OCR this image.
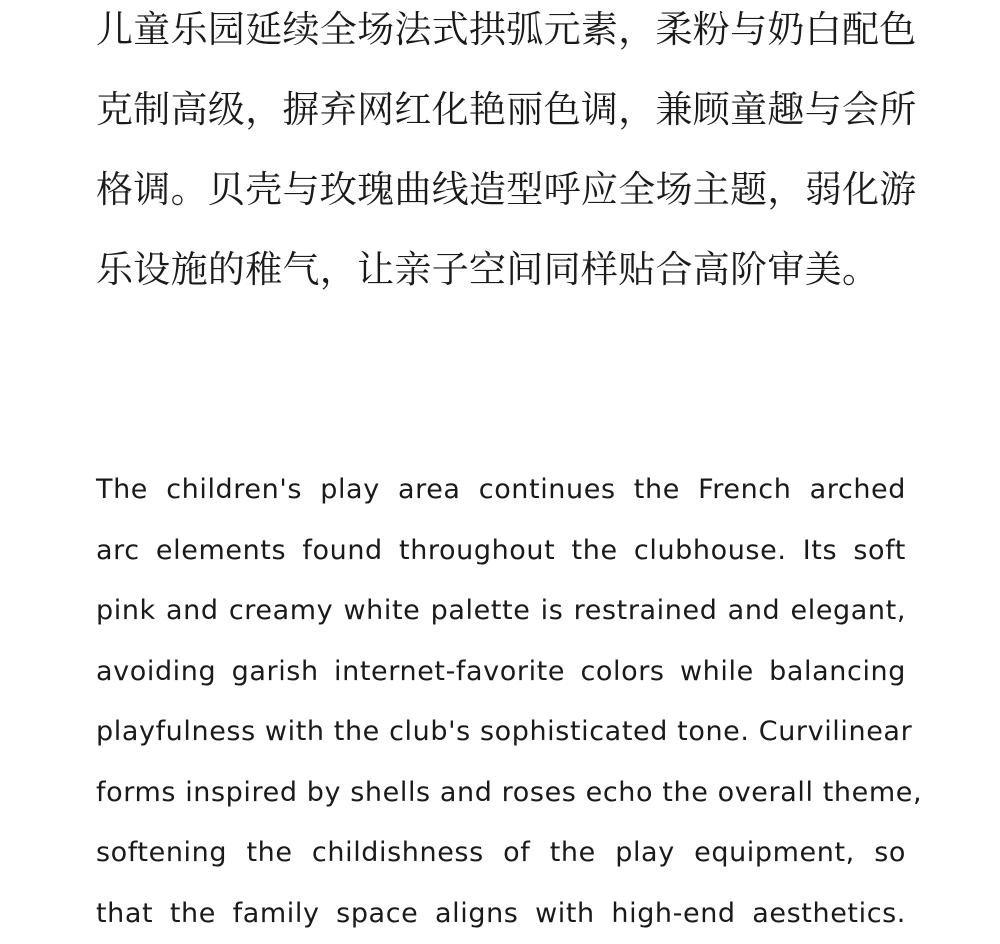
儿童乐园延续全场法式拱弧元素，柔粉与奶白配色
克制高级，摒弃网红化艳丽色调，兼顾童趣与会所
格调。贝壳与玫瑰曲线造型呼应全场主题，弱化游
乐设施的稚气，让亲子空间同样贴合高阶审美。
The children's play area continues the French arched
arc elements found throughout the clubhouse. Its soft
pink and creamy white palette is restrained and elegant,
avoiding garish internet-favorite colors while balancing
playfulness with the club's sophisticated tone. Curvilinear
forms inspired by shells and roses echo the overall theme,
softening the childishness of the play equipment, so
that the family space aligns with high-end aesthetics.
